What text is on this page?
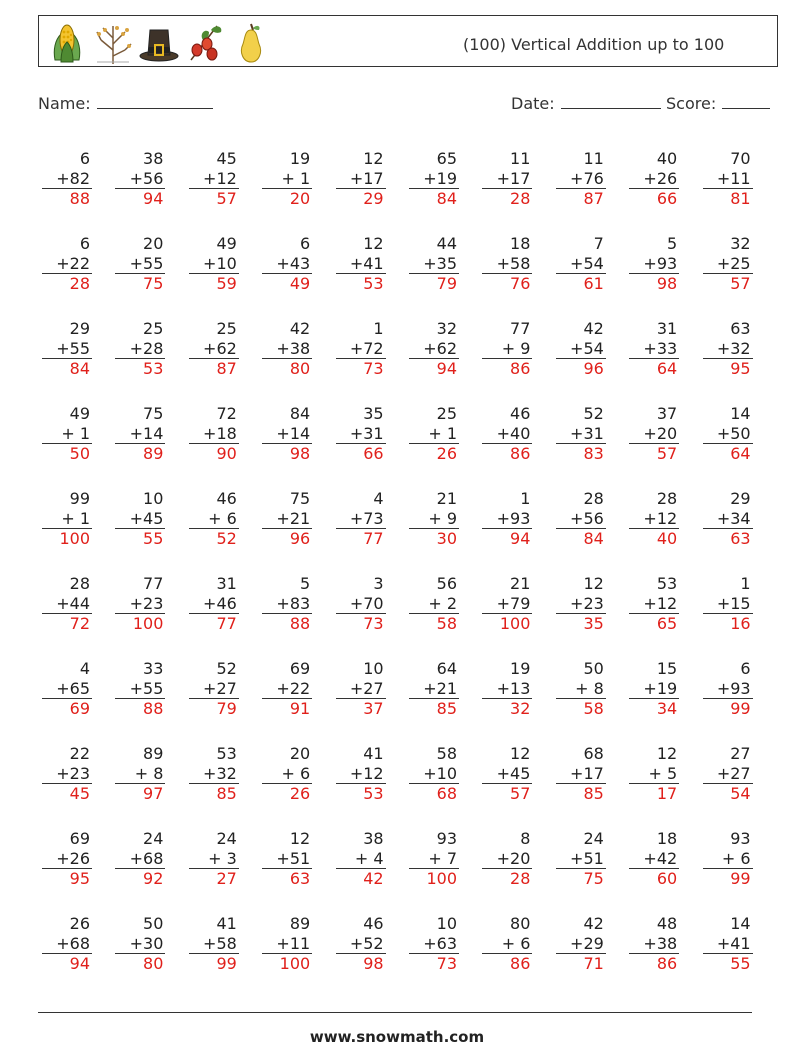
(100) Vertical Addition up to 100
Name:	Date:	Score:
6
+82
88
38
+56
94
45
+12
57
19
+ 1
20
12
+17
29
65
+19
84
11
+17
28
11
+76
87
40
+26
66
70
+11
81
6
+22
28
20
+55
75
49
+10
59
6
+43
49
12
+41
53
44
+35
79
18
+58
76
7
+54
61
5
+93
98
32
+25
57
29
+55
84
25
+28
53
25
+62
87
42
+38
80
1
+72
73
32
+62
94
77
+ 9
86
42
+54
96
31
+33
64
63
+32
95
49
+ 1
50
75
+14
89
72
+18
90
84
+14
98
35
+31
66
25
+ 1
26
46
+40
86
52
+31
83
37
+20
57
14
+50
64
99
+ 1
100
10
+45
55
46
+ 6
52
75
+21
96
4
+73
77
21
+ 9
30
1
+93
94
28
+56
84
28
+12
40
29
+34
63
28
+44
72
77
+23
100
31
+46
77
5
+83
88
3
+70
73
56
+ 2
58
21
+79
100
12
+23
35
53
+12
65
1
+15
16
4
+65
69
33
+55
88
52
+27
79
69
+22
91
10
+27
37
64
+21
85
19
+13
32
50
+ 8
58
15
+19
34
6
+93
99
22
+23
45
89
+ 8
97
53
+32
85
20
+ 6
26
41
+12
53
58
+10
68
12
+45
57
68
+17
85
12
+ 5
17
27
+27
54
69
+26
95
24
+68
92
24
+ 3
27
12
+51
63
38
+ 4
42
93
+ 7
100
8
+20
28
24
+51
75
18
+42
60
93
+ 6
99
26
+68
94
50
+30
80
41
+58
99
89
+11
100
46
+52
98
10
+63
73
80
+ 6
86
42
+29
71
48
+38
86
14
+41
55
www.snowmath.com
